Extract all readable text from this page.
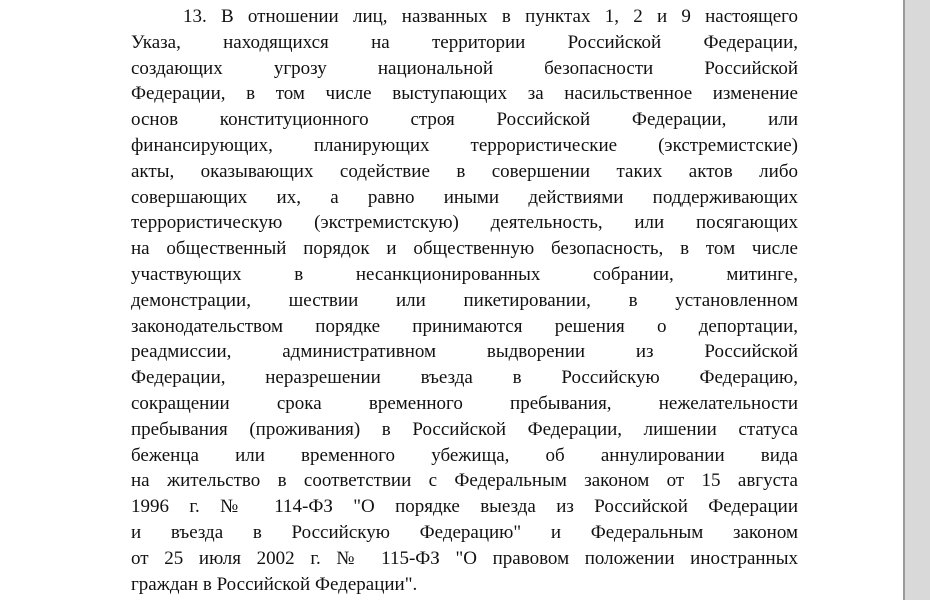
13. В отношении лиц, названных в пунктах 1, 2 и 9 настоящего
Указа, находящихся на территории Российской Федерации,
создающих угрозу национальной безопасности Российской
Федерации, в том числе выступающих за насильственное изменение
основ конституционного строя Российской Федерации, или
финансирующих, планирующих террористические (экстремистские)
акты, оказывающих содействие в совершении таких актов либо
совершающих их, а равно иными действиями поддерживающих
террористическую (экстремистскую) деятельность, или посягающих
на общественный порядок и общественную безопасность, в том числе
участвующих в несанкционированных собрании, митинге,
демонстрации, шествии или пикетировании, в установленном
законодательством порядке принимаются решения о депортации,
реадмиссии, административном выдворении из Российской
Федерации, неразрешении въезда в Российскую Федерацию,
сокращении срока временного пребывания, нежелательности
пребывания (проживания) в Российской Федерации, лишении статуса
беженца или временного убежища, об аннулировании вида
на жительство в соответствии с Федеральным законом от 15 августа
1996 г. № 114-ФЗ "О порядке выезда из Российской Федерации
и въезда в Российскую Федерацию" и Федеральным законом
от 25 июля 2002 г. № 115-ФЗ "О правовом положении иностранных
граждан в Российской Федерации".
